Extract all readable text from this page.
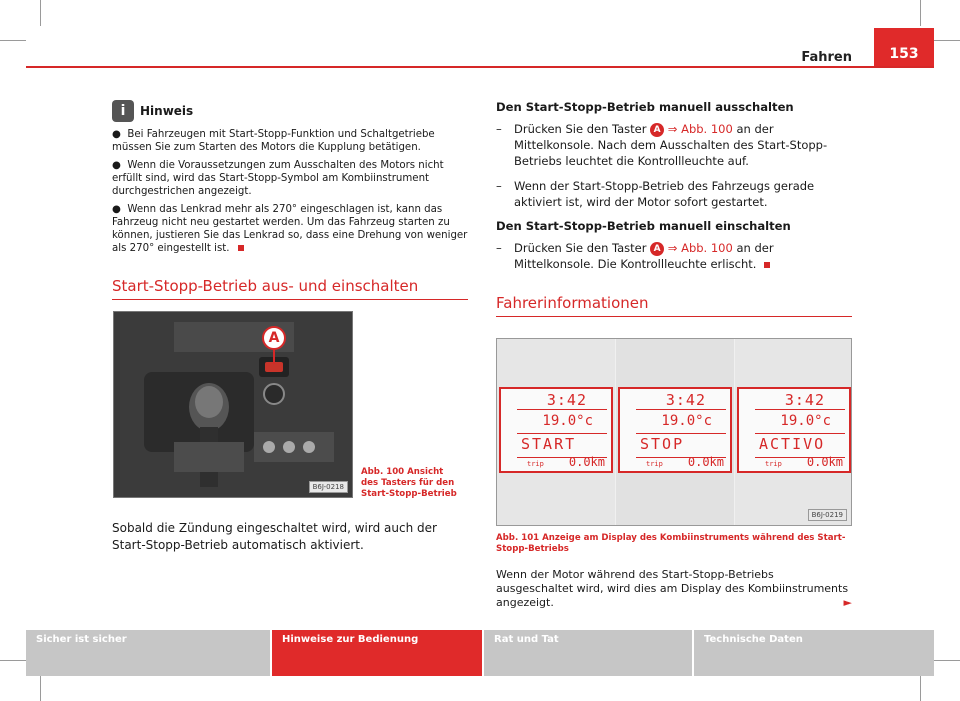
Fahren	153
i	Hinweis

●  Bei Fahrzeugen mit Start-Stopp-Funktion und Schaltgetriebe müssen Sie zum Starten des Motors die Kupplung betätigen.

●  Wenn die Voraussetzungen zum Ausschalten des Motors nicht erfüllt sind, wird das Start-Stopp-Symbol am Kombiinstrument durchgestrichen angezeigt.

●  Wenn das Lenkrad mehr als 270° eingeschlagen ist, kann das Fahrzeug nicht neu gestartet werden. Um das Fahrzeug starten zu können, justieren Sie das Lenkrad so, dass eine Drehung von weniger als 270° eingestellt ist.

Start-Stopp-Betrieb aus- und einschalten
A
B6J-0218
Abb. 100 Ansicht des Tasters für den Start-Stopp-Betrieb

Sobald die Zündung eingeschaltet wird, wird auch der Start-Stopp-Betrieb automatisch aktiviert.

Den Start-Stopp-Betrieb manuell ausschalten
–	Drücken Sie den Taster A ⇒ Abb. 100 an der Mittelkonsole. Nach dem Ausschalten des Start-Stopp-Betriebs leuchtet die Kontrollleuchte auf.
–	Wenn der Start-Stopp-Betrieb des Fahrzeugs gerade aktiviert ist, wird der Motor sofort gestartet.
Den Start-Stopp-Betrieb manuell einschalten
–	Drücken Sie den Taster A ⇒ Abb. 100 an der Mittelkonsole. Die Kontrollleuchte erlischt.
Fahrerinformationen
3:42
19.0°c
START
trip 0.0km
3:42
19.0°c
STOP
trip 0.0km
3:42
19.0°c
ACTIVO
trip 0.0km
B6J-0219
Abb. 101 Anzeige am Display des Kombiinstruments während des Start-Stopp-Betriebs

Wenn der Motor während des Start-Stopp-Betriebs ausgeschaltet wird, wird dies am Display des Kombiinstruments angezeigt.	►

Sicher ist sicher	Hinweise zur Bedienung	Rat und Tat	Technische Daten
